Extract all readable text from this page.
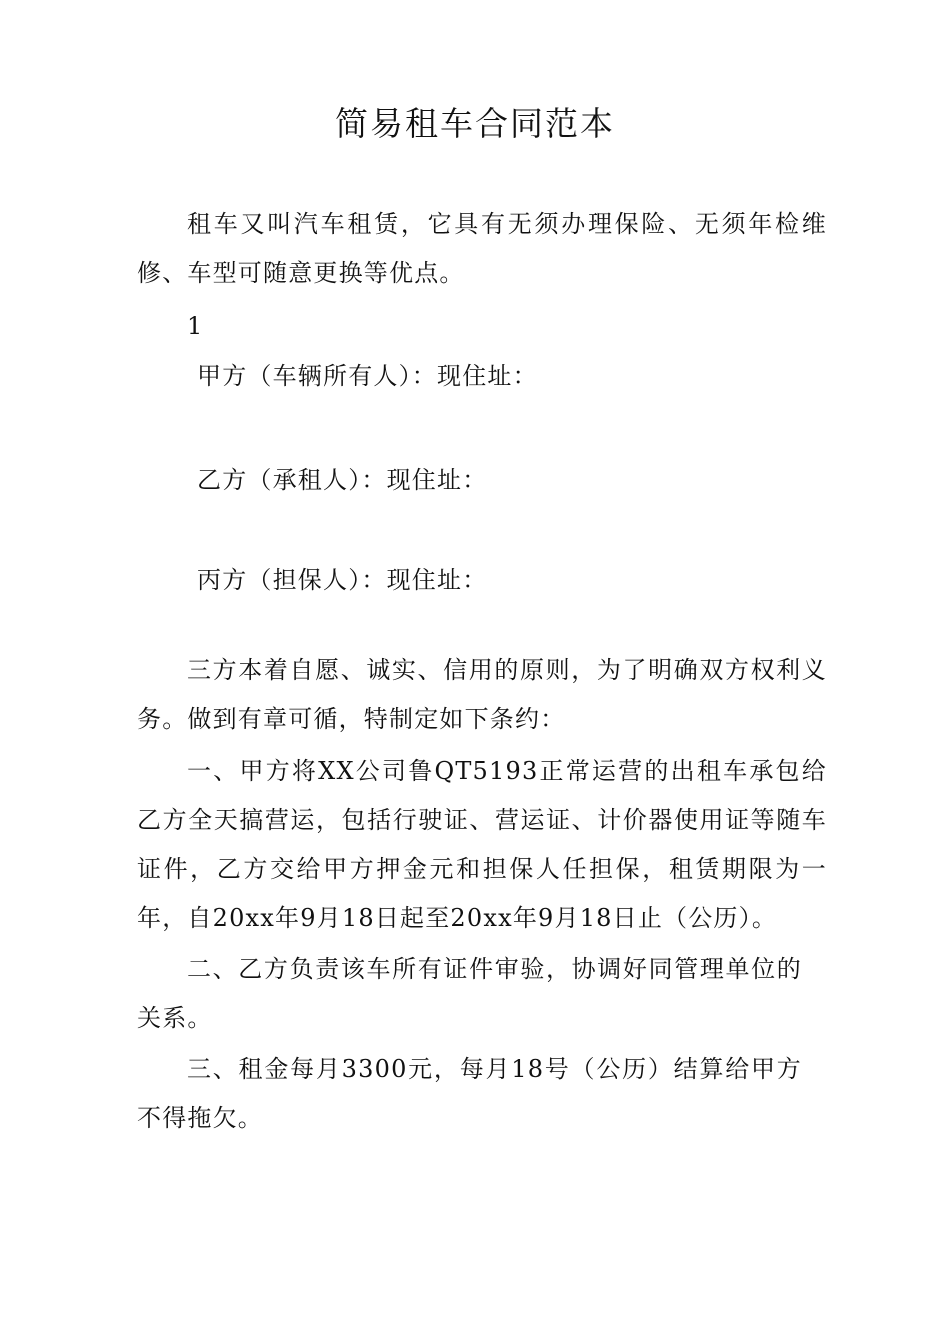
简易租车合同范本
租车又叫汽车租赁，它具有无须办理保险、无须年检维修、车型可随意更换等优点。
1
甲方（车辆所有人）：现住址：
乙方（承租人）：现住址：
丙方（担保人）：现住址：
三方本着自愿、诚实、信用的原则，为了明确双方权利义务。做到有章可循，特制定如下条约：
一、甲方将XX公司鲁QT5193正常运营的出租车承包给乙方全天搞营运，包括行驶证、营运证、计价器使用证等随车证件，乙方交给甲方押金元和担保人任担保，租赁期限为一年，自20xx年9月18日起至20xx年9月18日止（公历）。
二、乙方负责该车所有证件审验，协调好同管理单位的关系。
三、租金每月3300元，每月18号（公历）结算给甲方不得拖欠。
